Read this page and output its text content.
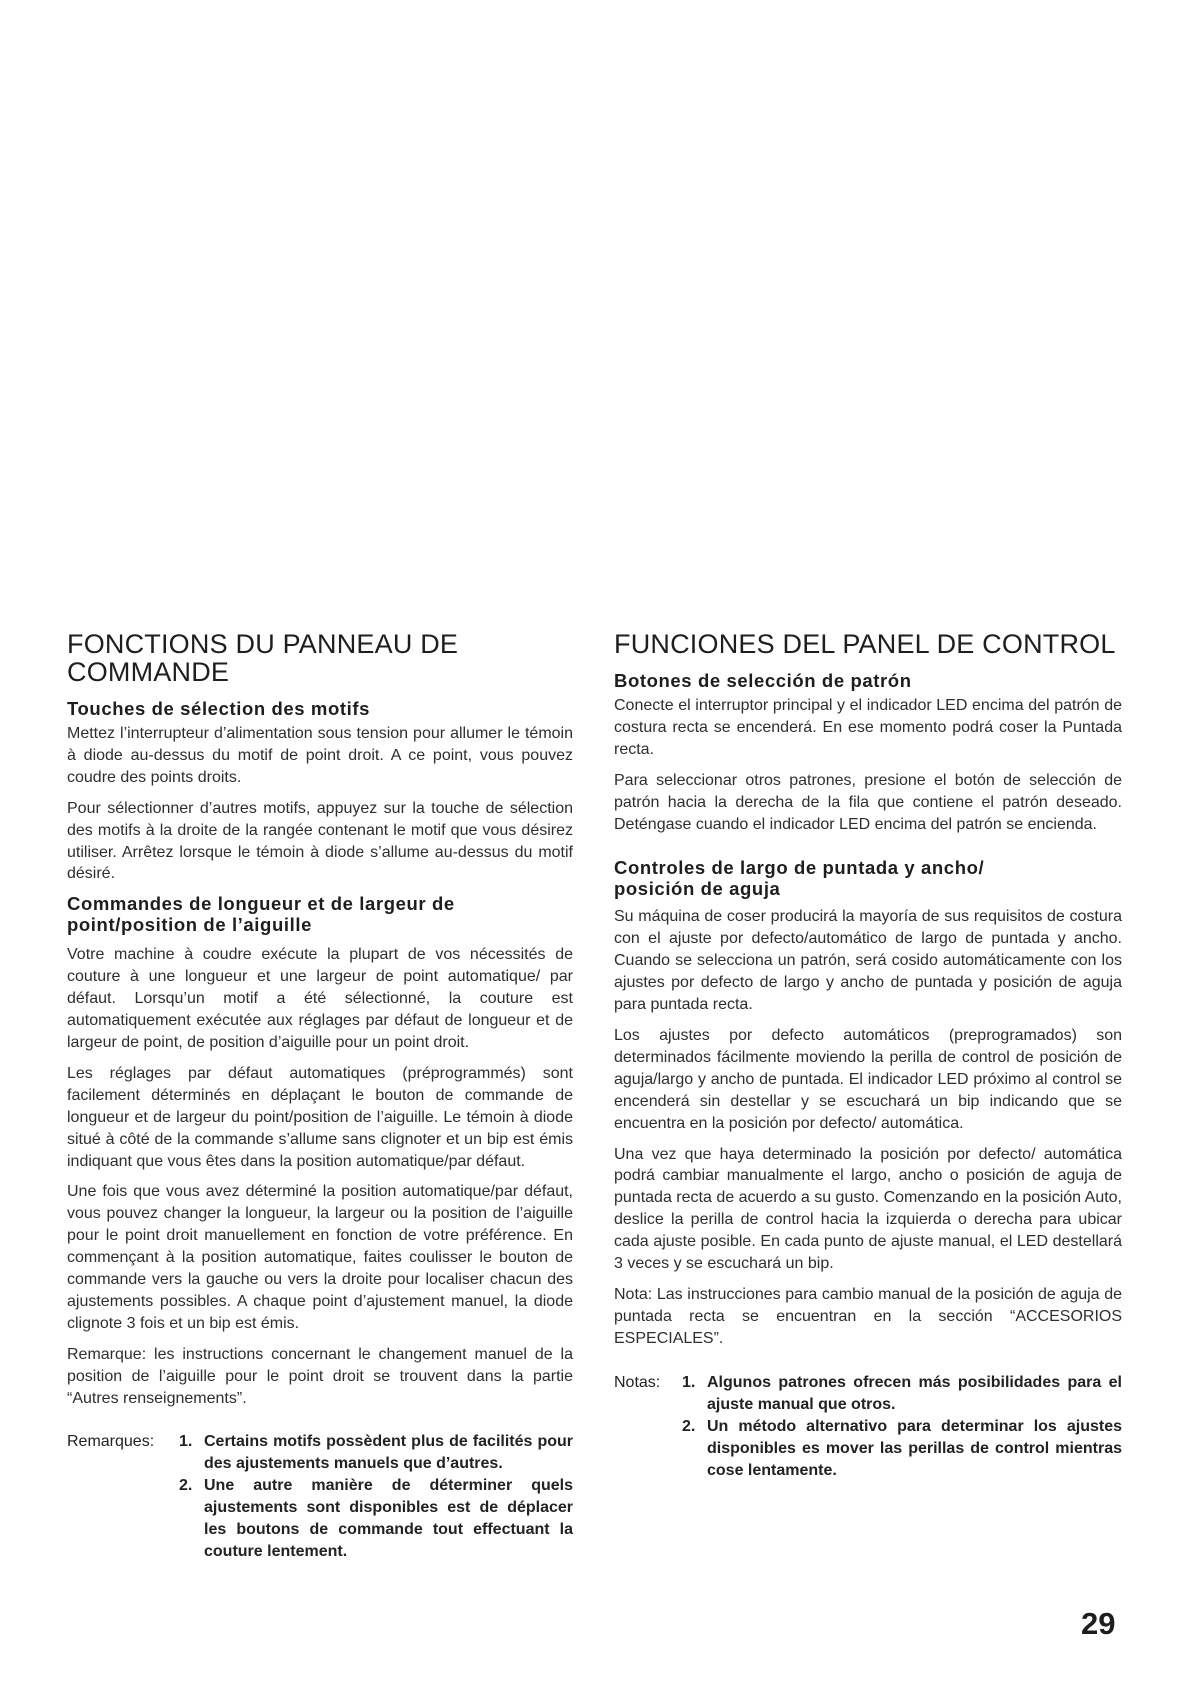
FONCTIONS DU PANNEAU DE COMMANDE
Touches de sélection des motifs

Mettez l’interrupteur d’alimentation sous tension pour allumer le témoin à diode au-dessus du motif de point droit. A ce point, vous pouvez coudre des points droits.

Pour sélectionner d’autres motifs, appuyez sur la touche de sélection des motifs à la droite de la rangée contenant le motif que vous désirez utiliser. Arrêtez lorsque le témoin à diode s’allume au-dessus du motif désiré.

Commandes de longueur et de largeur de point/position de l’aiguille

Votre machine à coudre exécute la plupart de vos nécessités de couture à une longueur et une largeur de point automatique/ par défaut. Lorsqu’un motif a été sélectionné, la couture est automatiquement exécutée aux réglages par défaut de longueur et de largeur de point, de position d’aiguille pour un point droit.

Les réglages par défaut automatiques (préprogrammés) sont facilement déterminés en déplaçant le bouton de commande de longueur et de largeur du point/position de l’aiguille. Le témoin à diode situé à côté de la commande s’allume sans clignoter et un bip est émis indiquant que vous êtes dans la position automatique/par défaut.

Une fois que vous avez déterminé la position automatique/par défaut, vous pouvez changer la longueur, la largeur ou la position de l’aiguille pour le point droit manuellement en fonction de votre préférence. En commençant à la position automatique, faites coulisser le bouton de commande vers la gauche ou vers la droite pour localiser chacun des ajustements possibles. A chaque point d’ajustement manuel, la diode clignote 3 fois et un bip est émis.

Remarque: les instructions concernant le changement manuel de la position de l’aiguille pour le point droit se trouvent dans la partie “Autres renseignements”.

Remarques:	1. Certains motifs possèdent plus de facilités pour des ajustements manuels que d’autres.
2. Une autre manière de déterminer quels ajustements sont disponibles est de déplacer les boutons de commande tout effectuant la couture lentement.
FUNCIONES DEL PANEL DE CONTROL
Botones de selección de patrón

Conecte el interruptor principal y el indicador LED encima del patrón de costura recta se encenderá. En ese momento podrá coser la Puntada recta.

Para seleccionar otros patrones, presione el botón de selección de patrón hacia la derecha de la fila que contiene el patrón deseado. Deténgase cuando el indicador LED encima del patrón se encienda.

Controles de largo de puntada y ancho/ posición de aguja

Su máquina de coser producirá la mayoría de sus requisitos de costura con el ajuste por defecto/automático de largo de puntada y ancho. Cuando se selecciona un patrón, será cosido automáticamente con los ajustes por defecto de largo y ancho de puntada y posición de aguja para puntada recta.

Los ajustes por defecto automáticos (preprogramados) son determinados fácilmente moviendo la perilla de control de posición de aguja/largo y ancho de puntada. El indicador LED próximo al control se encenderá sin destellar y se escuchará un bip indicando que se encuentra en la posición por defecto/ automática.

Una vez que haya determinado la posición por defecto/ automática podrá cambiar manualmente el largo, ancho o posición de aguja de puntada recta de acuerdo a su gusto. Comenzando en la posición Auto, deslice la perilla de control hacia la izquierda o derecha para ubicar cada ajuste posible. En cada punto de ajuste manual, el LED destellará 3 veces y se escuchará un bip.

Nota: Las instrucciones para cambio manual de la posición de aguja de puntada recta se encuentran en la sección “ACCESORIOS ESPECIALES”.

Notas:	1. Algunos patrones ofrecen más posibilidades para el ajuste manual que otros.
2. Un método alternativo para determinar los ajustes disponibles es mover las perillas de control mientras cose lentamente.
29
